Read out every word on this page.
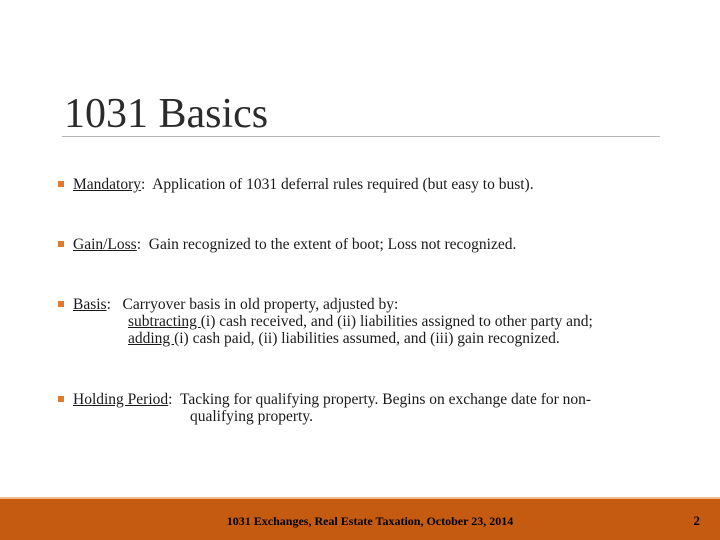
1031 Basics
Mandatory:  Application of 1031 deferral rules required (but easy to bust).
Gain/Loss:  Gain recognized to the extent of boot; Loss not recognized.
Basis:   Carryover basis in old property, adjusted by:
subtracting (i) cash received, and (ii) liabilities assigned to other party and;
adding (i) cash paid, (ii) liabilities assumed, and (iii) gain recognized.
Holding Period:  Tacking for qualifying property. Begins on exchange date for non-
qualifying property.
1031 Exchanges, Real Estate Taxation, October 23, 2014	2
